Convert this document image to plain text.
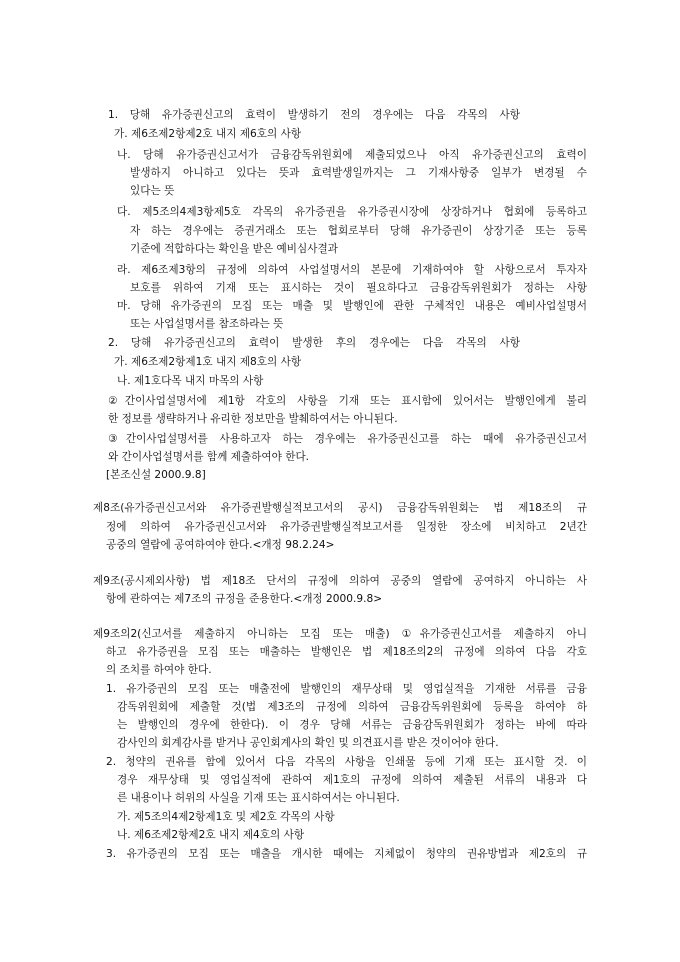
1. 당해 유가증권신고의 효력이 발생하기 전의 경우에는 다음 각목의 사항
가. 제6조제2항제2호 내지 제6호의 사항
나. 당해 유가증권신고서가 금융감독위원회에 제출되었으나 아직 유가증권신고의 효력이
발생하지 아니하고 있다는 뜻과 효력발생일까지는 그 기재사항중 일부가 변경될 수
있다는 뜻
다. 제5조의4제3항제5호 각목의 유가증권을 유가증권시장에 상장하거나 협회에 등록하고
자 하는 경우에는 증권거래소 또는 협회로부터 당해 유가증권이 상장기준 또는 등록
기준에 적합하다는 확인을 받은 예비심사결과
라. 제6조제3항의 규정에 의하여 사업설명서의 본문에 기재하여야 할 사항으로서 투자자
보호를 위하여 기재 또는 표시하는 것이 필요하다고 금융감독위원회가 정하는 사항
마. 당해 유가증권의 모집 또는 매출 및 발행인에 관한 구체적인 내용은 예비사업설명서
또는 사업설명서를 참조하라는 뜻
2. 당해 유가증권신고의 효력이 발생한 후의 경우에는 다음 각목의 사항
가. 제6조제2항제1호 내지 제8호의 사항
나. 제1호다목 내지 마목의 사항
②간이사업설명서에 제1항 각호의 사항을 기재 또는 표시함에 있어서는 발행인에게 불리
한 정보를 생략하거나 유리한 정보만을 발췌하여서는 아니된다.
③간이사업설명서를 사용하고자 하는 경우에는 유가증권신고를 하는 때에 유가증권신고서
와 간이사업설명서를 함께 제출하여야 한다.
[본조신설 2000.9.8]
제8조(유가증권신고서와 유가증권발행실적보고서의 공시) 금융감독위원회는 법 제18조의 규
정에 의하여 유가증권신고서와 유가증권발행실적보고서를 일정한 장소에 비치하고 2년간
공중의 열람에 공여하여야 한다.<개정 98.2.24>
제9조(공시제외사항) 법 제18조 단서의 규정에 의하여 공중의 열람에 공여하지 아니하는 사
항에 관하여는 제7조의 규정을 준용한다.<개정 2000.9.8>
제9조의2(신고서를 제출하지 아니하는 모집 또는 매출) ①유가증권신고서를 제출하지 아니
하고 유가증권을 모집 또는 매출하는 발행인은 법 제18조의2의 규정에 의하여 다음 각호
의 조치를 하여야 한다.
1. 유가증권의 모집 또는 매출전에 발행인의 재무상태 및 영업실적을 기재한 서류를 금융
감독위원회에 제출할 것(법 제3조의 규정에 의하여 금융감독위원회에 등록을 하여야 하
는 발행인의 경우에 한한다). 이 경우 당해 서류는 금융감독위원회가 정하는 바에 따라
감사인의 회계감사를 받거나 공인회계사의 확인 및 의견표시를 받은 것이어야 한다.
2. 청약의 권유를 함에 있어서 다음 각목의 사항을 인쇄물 등에 기재 또는 표시할 것. 이
경우 재무상태 및 영업실적에 관하여 제1호의 규정에 의하여 제출된 서류의 내용과 다
른 내용이나 허위의 사실을 기재 또는 표시하여서는 아니된다.
가. 제5조의4제2항제1호 및 제2호 각목의 사항
나. 제6조제2항제2호 내지 제4호의 사항
3. 유가증권의 모집 또는 매출을 개시한 때에는 지체없이 청약의 권유방법과 제2호의 규
